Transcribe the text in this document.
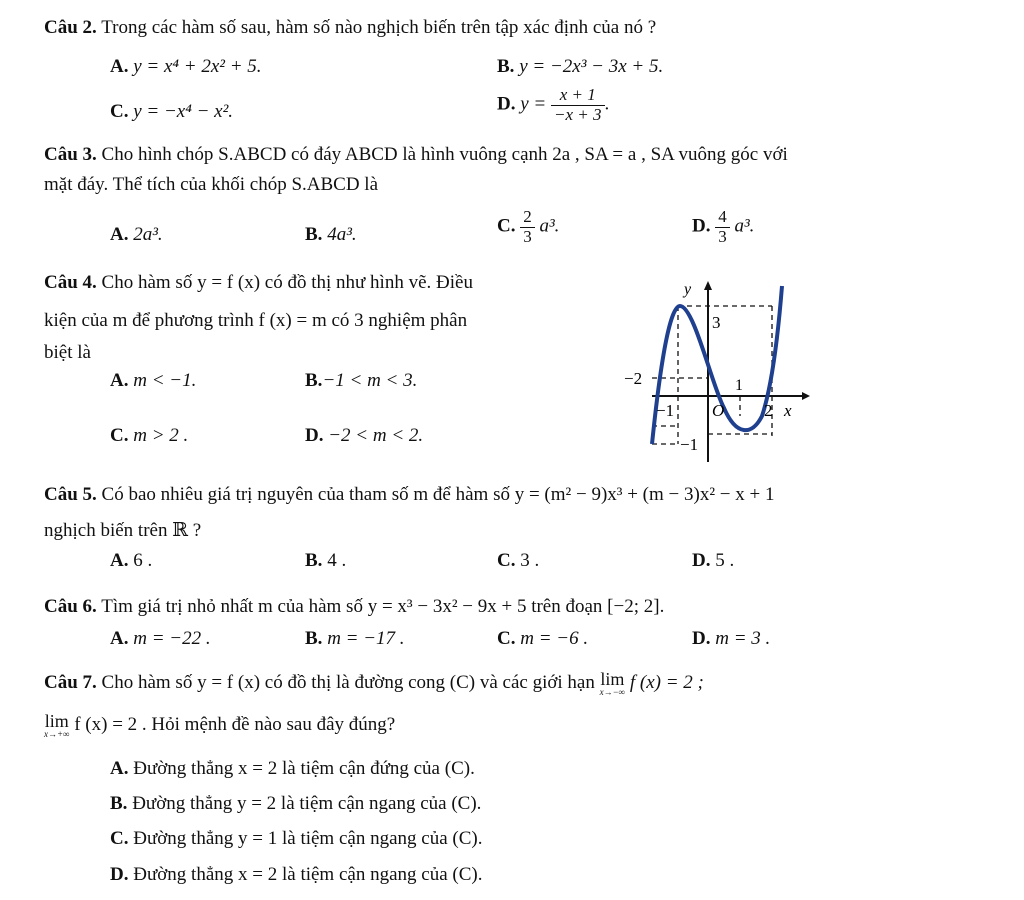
Câu 2. Trong các hàm số sau, hàm số nào nghịch biến trên tập xác định của nó ?
A. y = x⁴ + 2x² + 5.	B. y = −2x³ − 3x + 5.
C. y = −x⁴ − x².	D. $y = \frac{x + 1}{-x + 3}$ .
Câu 3. Cho hình chóp S.ABCD có đáy ABCD là hình vuông cạnh 2a , SA = a , SA vuông góc với
mặt đáy. Thể tích của khối chóp S.ABCD là
A. 2a³.	B. 4a³.	C. $\frac{2}{3} a^3$.	D. $\frac{4}{3} a^3$.
Câu 4. Cho hàm số y = f (x) có đồ thị như hình vẽ. Điều
kiện của m để phương trình f (x) = m có 3 nghiệm phân
biệt là
A. m < −1.	B.−1 < m < 3.
C. m > 2 .	D. −2 < m < 2.
y
x
O
3
−2	1
−1	2
−1
Câu 5. Có bao nhiêu giá trị nguyên của tham số m để hàm số y = (m² − 9)x³ + (m − 3)x² − x + 1
nghịch biến trên ℝ ?
A. 6 .	B. 4 .	C. 3 .	D. 5 .
Câu 6. Tìm giá trị nhỏ nhất m của hàm số y = x³ − 3x² − 9x + 5 trên đoạn [−2; 2].
A. m = −22 .	B. m = −17 .	C. m = −6 .	D. m = 3 .
Câu 7. Cho hàm số y = f (x) có đồ thị là đường cong (C) và các giới hạn lim
x→−∞ f (x) = 2 ;
lim
x→+∞ f (x) = 2 . Hỏi mệnh đề nào sau đây đúng?
A. Đường thẳng x = 2 là tiệm cận đứng của (C).
B. Đường thẳng y = 2 là tiệm cận ngang của (C).
C. Đường thẳng y = 1 là tiệm cận ngang của (C).
D. Đường thẳng x = 2 là tiệm cận ngang của (C).
